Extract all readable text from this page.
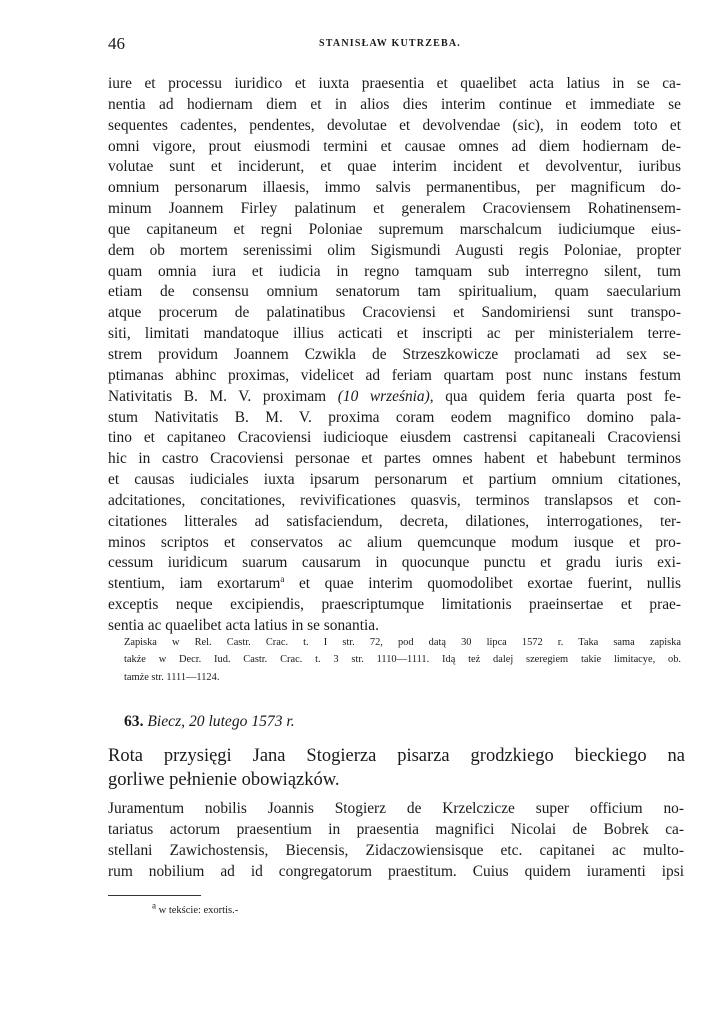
46	STANISŁAW KUTRZEBA.
iure et processu iuridico et iuxta praesentia et quaelibet acta latius in se ca-
nentia ad hodiernam diem et in alios dies interim continue et immediate se
sequentes cadentes, pendentes, devolutae et devolvendae (sic), in eodem toto et
omni vigore, prout eiusmodi termini et causae omnes ad diem hodiernam de-
volutae sunt et inciderunt, et quae interim incident et devolventur, iuribus
omnium personarum illaesis, immo salvis permanentibus, per magnificum do-
minum Joannem Firley palatinum et generalem Cracoviensem Rohatinensem-
que capitaneum et regni Poloniae supremum marschalcum iudiciumque eius-
dem ob mortem serenissimi olim Sigismundi Augusti regis Poloniae, propter
quam omnia iura et iudicia in regno tamquam sub interregno silent, tum
etiam de consensu omnium senatorum tam spiritualium, quam saecularium
atque procerum de palatinatibus Cracoviensi et Sandomiriensi sunt transpo-
siti, limitati mandatoque illius acticati et inscripti ac per ministerialem terre-
strem providum Joannem Czwikla de Strzeszkowicze proclamati ad sex se-
ptimanas abhinc proximas, videlicet ad feriam quartam post nunc instans festum
Nativitatis B. M. V. proximam (10 września), qua quidem feria quarta post fe-
stum Nativitatis B. M. V. proxima coram eodem magnifico domino pala-
tino et capitaneo Cracoviensi iudicioque eiusdem castrensi capitaneali Cracoviensi
hic in castro Cracoviensi personae et partes omnes habent et habebunt terminos
et causas iudiciales iuxta ipsarum personarum et partium omnium citationes,
adcitationes, concitationes, revivificationes quasvis, terminos translapsos et con-
citationes litterales ad satisfaciendum, decreta, dilationes, interrogationes, ter-
minos scriptos et conservatos ac alium quemcunque modum iusque et pro-
cessum iuridicum suarum causarum in quocunque punctu et gradu iuris exi-
stentium, iam exortarum$^a$ et quae interim quomodolibet exortae fuerint, nullis
exceptis neque excipiendis, praescriptumque limitationis praeinsertae et prae-
sentia ac quaelibet acta latius in se sonantia.
Zapiska w Rel. Castr. Crac. t. I str. 72, pod datą 30 lipca 1572 r. Taka sama zapiska
także w Decr. Iud. Castr. Crac. t. 3 str. 1110—1111. Idą też dalej szeregiem takie limitacye, ob.
tamże str. 1111—1124.
63. Biecz, 20 lutego 1573 r.
Rota przysięgi Jana Stogierza pisarza grodzkiego bieckiego na
gorliwe pełnienie obowiązków.
Juramentum nobilis Joannis Stogierz de Krzelczicze super officium no-
tariatus actorum praesentium in praesentia magnifici Nicolai de Bobrek ca-
stellani Zawichostensis, Biecensis, Zidaczowiensisque etc. capitanei ac multo-
rum nobilium ad id congregatorum praestitum. Cuius quidem iuramenti ipsi
$^a$ w tekście: exortis.-
